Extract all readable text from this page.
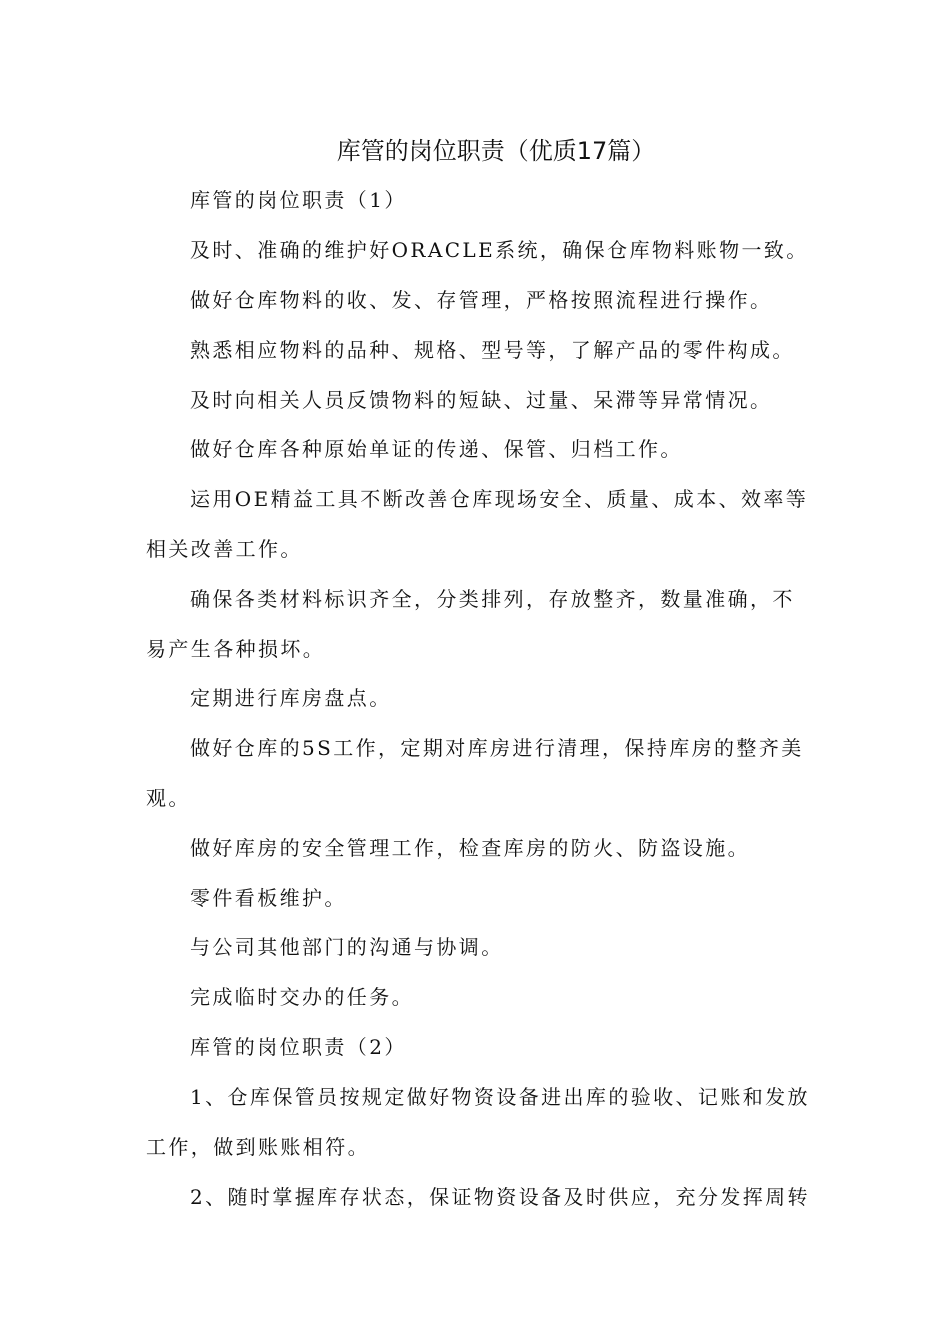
库管的岗位职责（优质17篇）

库管的岗位职责（1）

及时、准确的维护好ORACLE系统，确保仓库物料账物一致。

做好仓库物料的收、发、存管理，严格按照流程进行操作。

熟悉相应物料的品种、规格、型号等，了解产品的零件构成。

及时向相关人员反馈物料的短缺、过量、呆滞等异常情况。

做好仓库各种原始单证的传递、保管、归档工作。

运用OE精益工具不断改善仓库现场安全、质量、成本、效率等

相关改善工作。

确保各类材料标识齐全，分类排列，存放整齐，数量准确，不

易产生各种损坏。

定期进行库房盘点。

做好仓库的5S工作，定期对库房进行清理，保持库房的整齐美

观。

做好库房的安全管理工作，检查库房的防火、防盗设施。

零件看板维护。

与公司其他部门的沟通与协调。

完成临时交办的任务。

库管的岗位职责（2）

1、仓库保管员按规定做好物资设备进出库的验收、记账和发放

工作，做到账账相符。

2、随时掌握库存状态，保证物资设备及时供应，充分发挥周转
